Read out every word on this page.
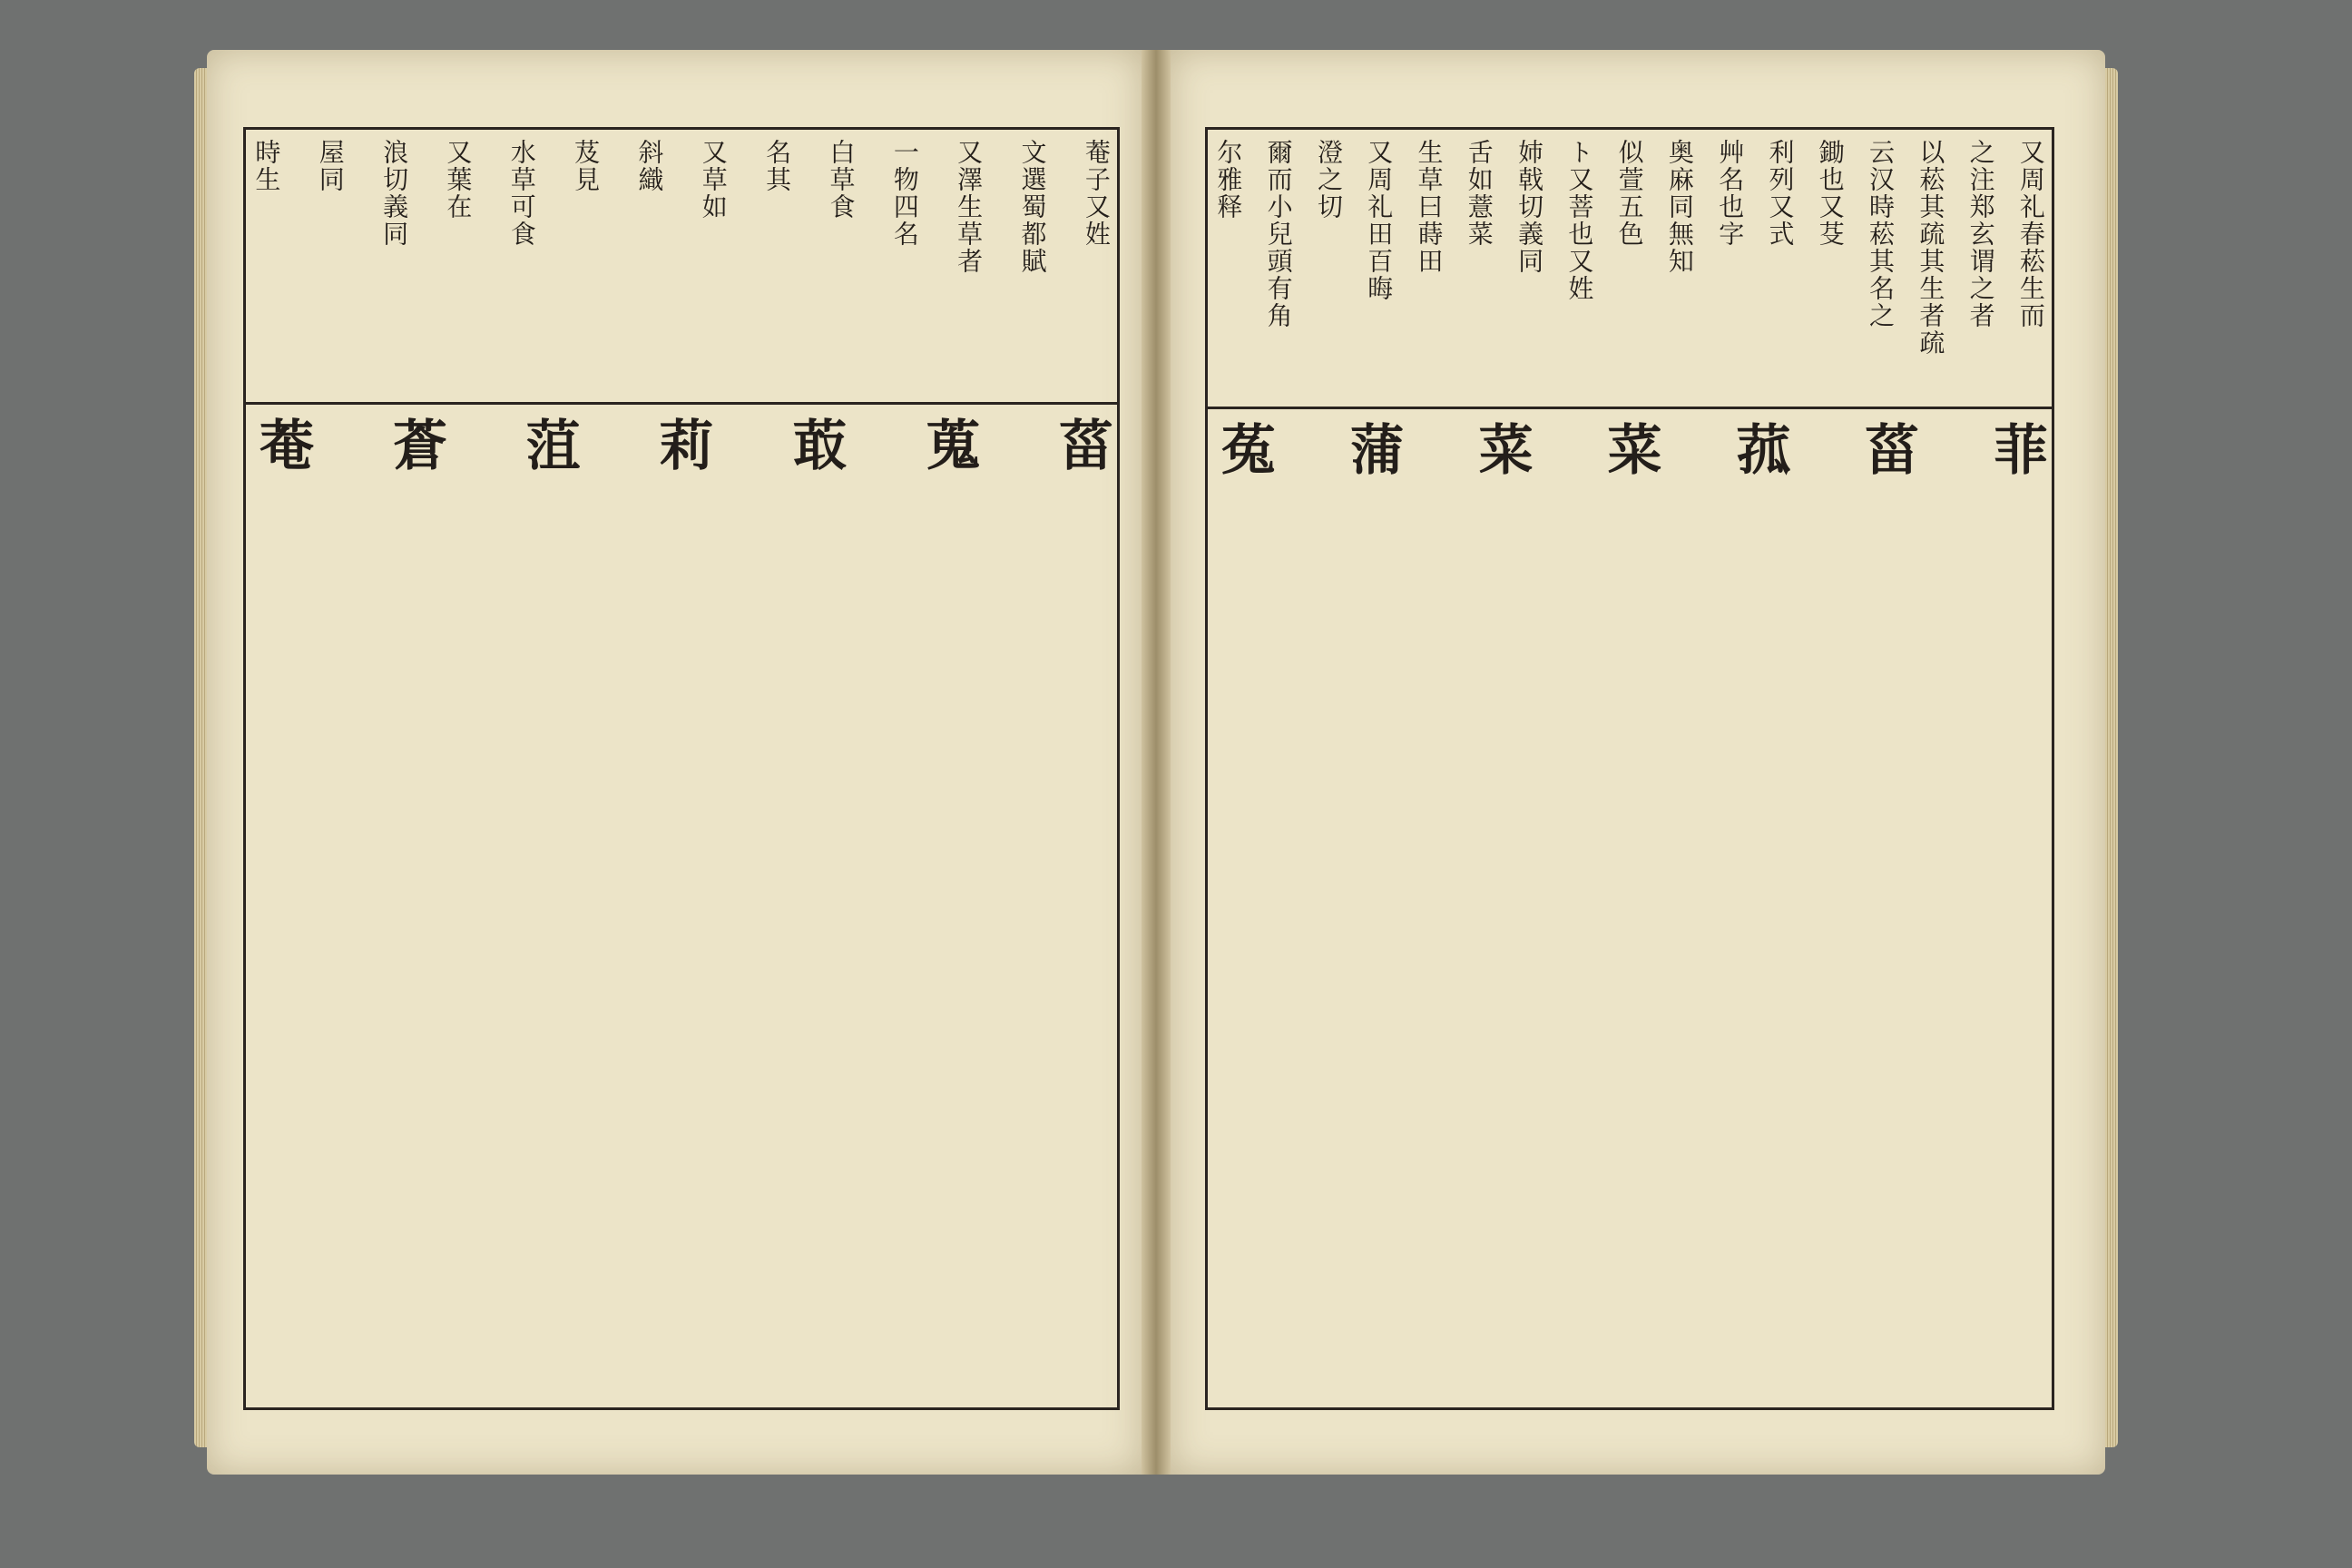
菴子又姓
文選蜀都賦
又澤生草者
一物四名
白草食
名其
又草如
斜織
芨見
水草可食
又葉在
浪切義同
屋同
時生
菑
蒐
菆
莉
菹
蒼
菴
又周礼春菘生而
之注郑玄谓之者
以菘其疏其生者疏
云汉時菘其名之
鋤也又芟
利列又式
艸名也字
奥麻同無知
似萱五色
ト又菩也又姓
姉戟切義同
舌如薏菜
生草曰蒔田
又周礼田百晦
澄之切
爾而小兒頭有角
尔雅释
菲
菑
菰
菜
菜
蒲
菟
